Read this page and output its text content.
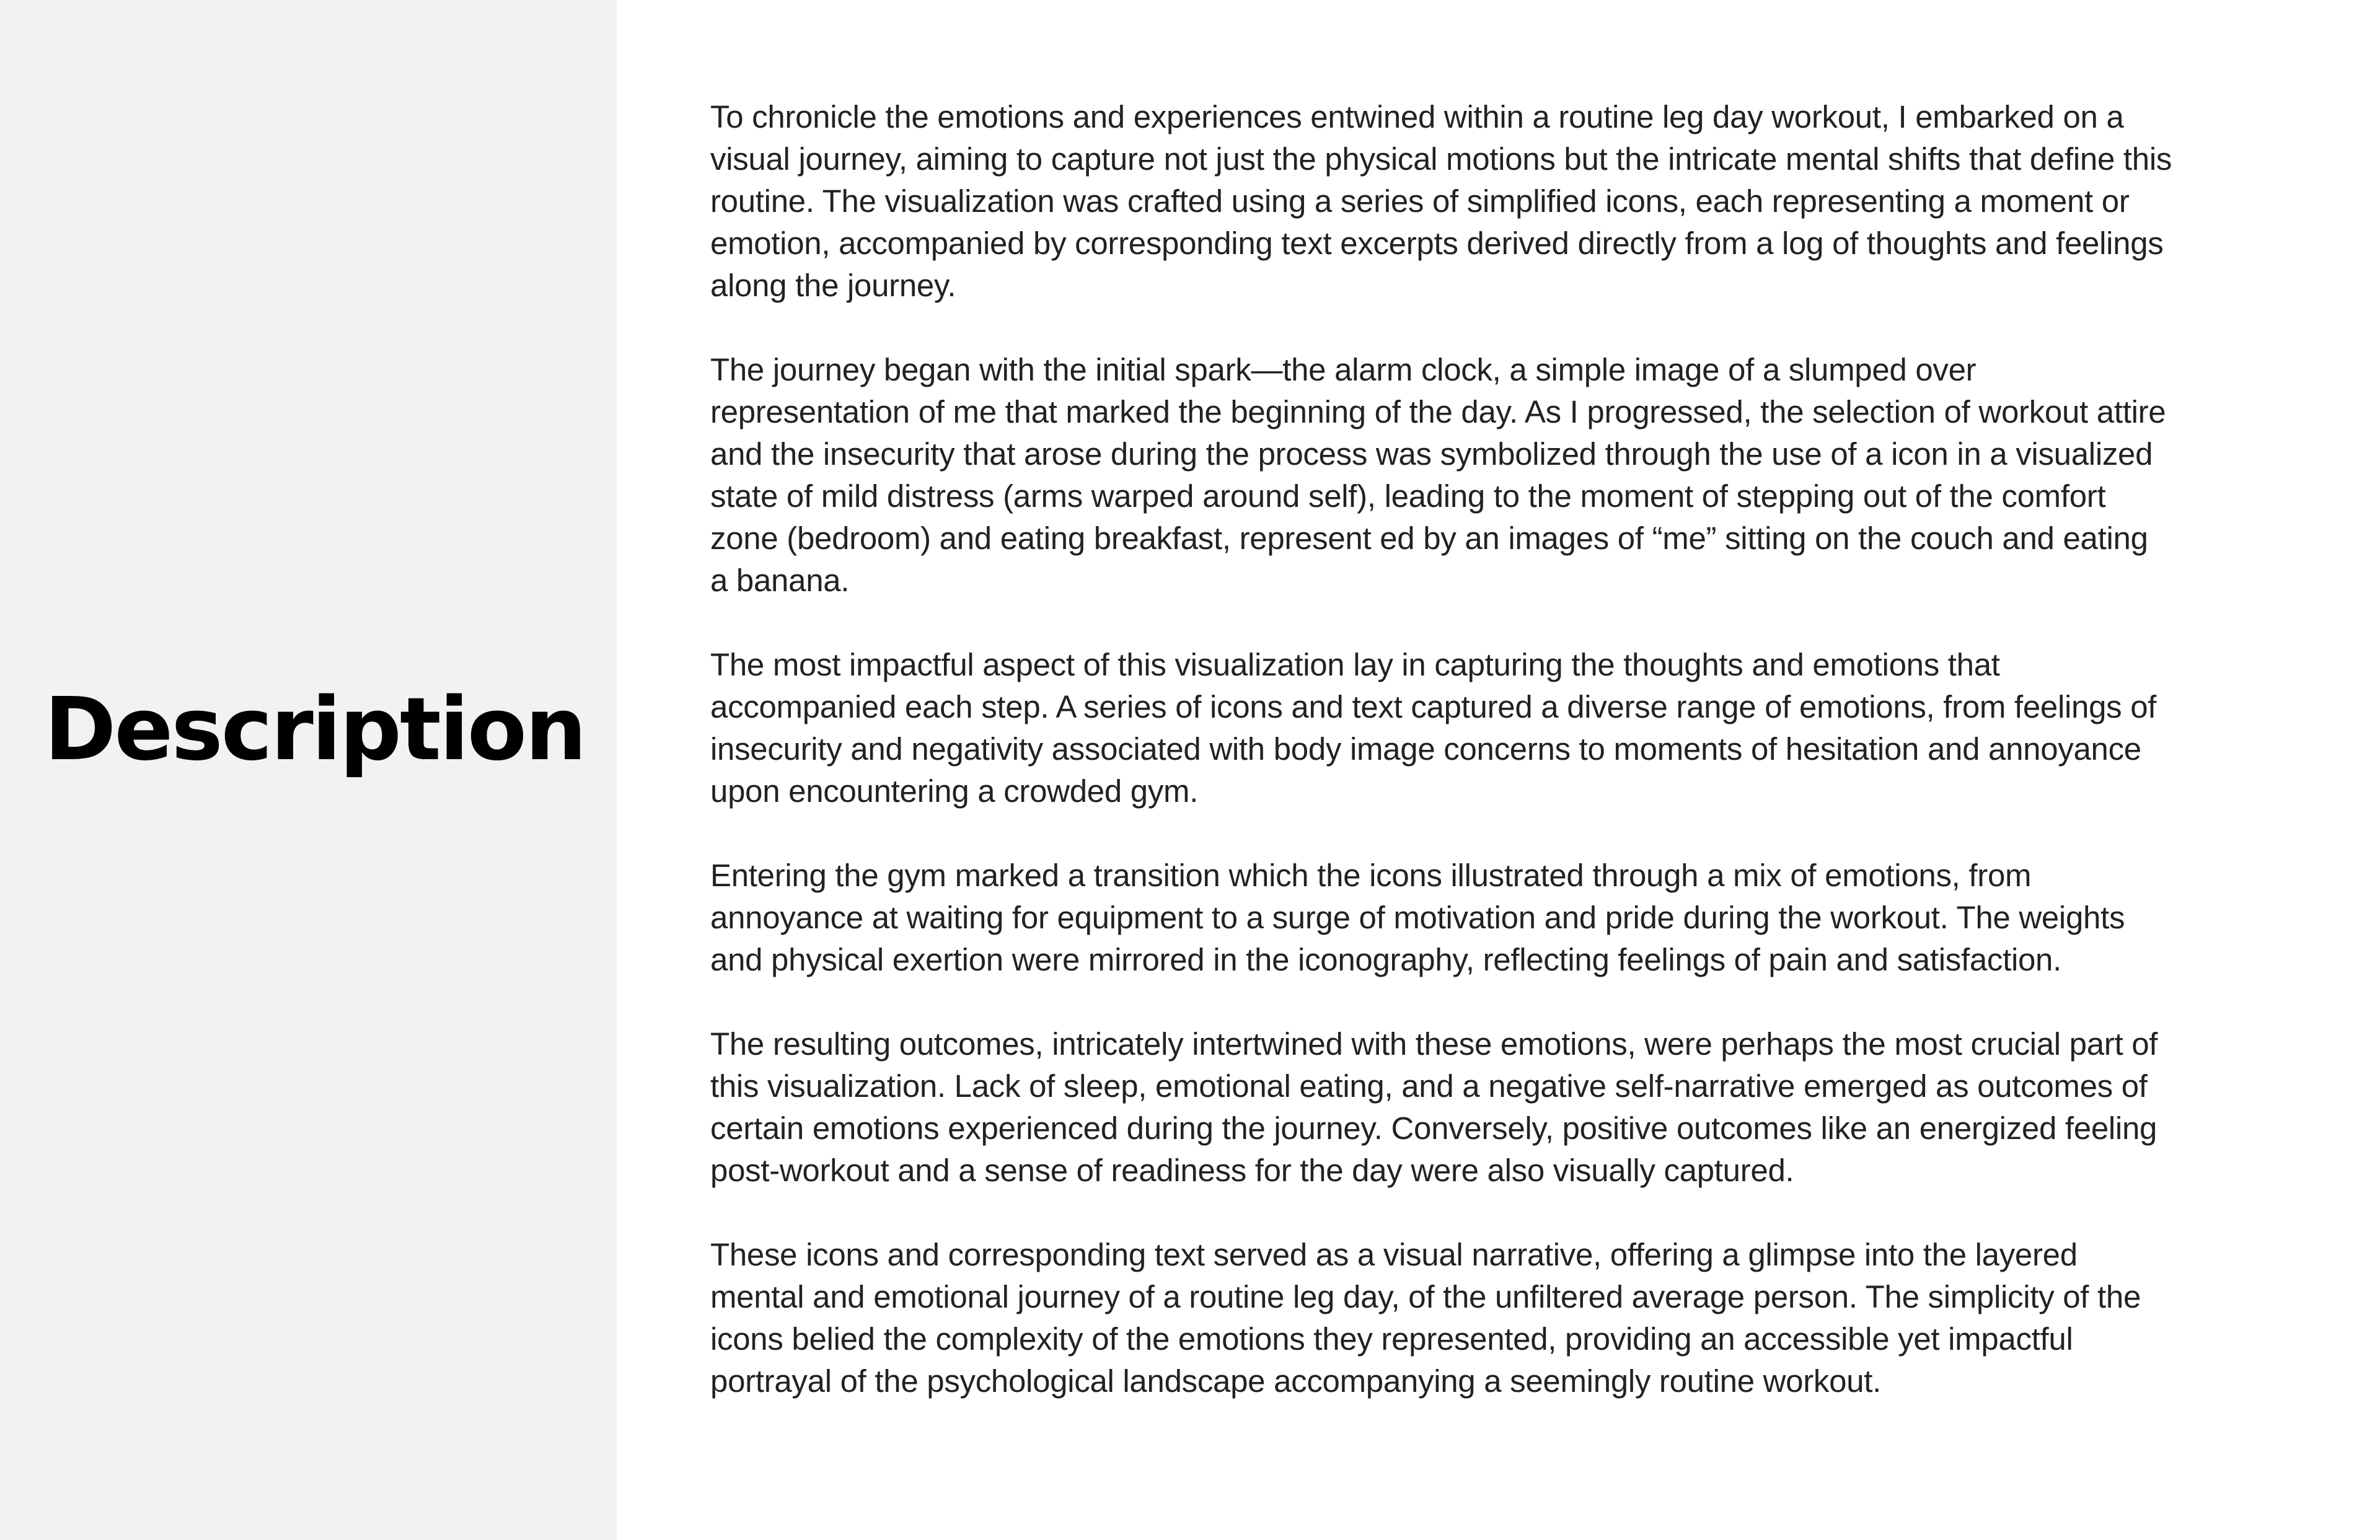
Description

To chronicle the emotions and experiences entwined within a routine leg day workout, I embarked on a visual journey, aiming to capture not just the physical motions but the intricate mental shifts that define this routine. The visualization was crafted using a series of simplified icons, each representing a moment or emotion, accompanied by corresponding text excerpts derived directly from a log of thoughts and feelings along the journey.

The journey began with the initial spark—the alarm clock, a simple image of a slumped over representation of me that marked the beginning of the day. As I progressed, the selection of workout attire and the insecurity that arose during the process was symbolized through the use of a icon in a visualized state of mild distress (arms warped around self), leading to the moment of stepping out of the comfort zone (bedroom) and eating breakfast, represent ed by an images of “me” sitting on the couch and eating a banana.

The most impactful aspect of this visualization lay in capturing the thoughts and emotions that accompanied each step. A series of icons and text captured a diverse range of emotions, from feelings of insecurity and negativity associated with body image concerns to moments of hesitation and annoyance upon encountering a crowded gym.

Entering the gym marked a transition which the icons illustrated through a mix of emotions, from annoyance at waiting for equipment to a surge of motivation and pride during the workout. The weights and physical exertion were mirrored in the iconography, reflecting feelings of pain and satisfaction.

The resulting outcomes, intricately intertwined with these emotions, were perhaps the most crucial part of this visualization. Lack of sleep, emotional eating, and a negative self-narrative emerged as outcomes of certain emotions experienced during the journey. Conversely, positive outcomes like an energized feeling post-workout and a sense of readiness for the day were also visually captured.

These icons and corresponding text served as a visual narrative, offering a glimpse into the layered mental and emotional journey of a routine leg day, of the unfiltered average person. The simplicity of the icons belied the complexity of the emotions they represented, providing an accessible yet impactful portrayal of the psychological landscape accompanying a seemingly routine workout.
